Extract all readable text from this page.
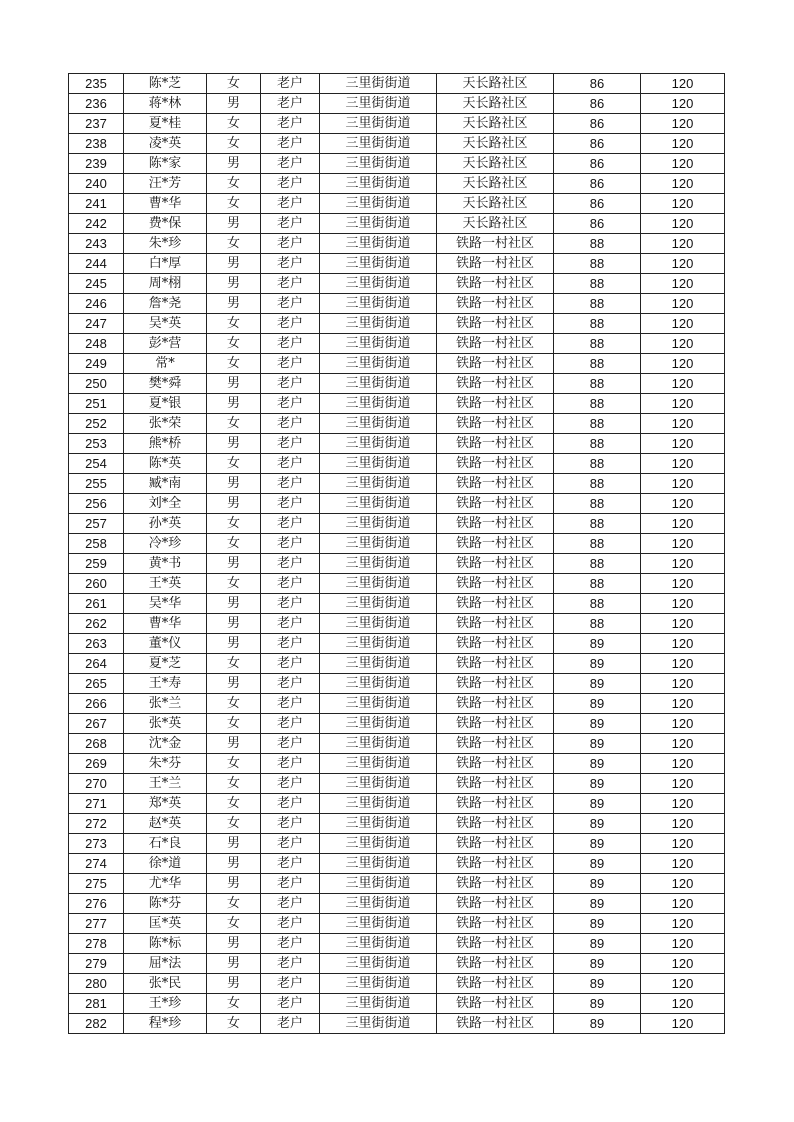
235	陈*芝	女	老户	三里街街道	天长路社区	86	120
236	蒋*林	男	老户	三里街街道	天长路社区	86	120
237	夏*桂	女	老户	三里街街道	天长路社区	86	120
238	凌*英	女	老户	三里街街道	天长路社区	86	120
239	陈*家	男	老户	三里街街道	天长路社区	86	120
240	汪*芳	女	老户	三里街街道	天长路社区	86	120
241	曹*华	女	老户	三里街街道	天长路社区	86	120
242	费*保	男	老户	三里街街道	天长路社区	86	120
243	朱*珍	女	老户	三里街街道	铁路一村社区	88	120
244	白*厚	男	老户	三里街街道	铁路一村社区	88	120
245	周*栩	男	老户	三里街街道	铁路一村社区	88	120
246	詹*尧	男	老户	三里街街道	铁路一村社区	88	120
247	吴*英	女	老户	三里街街道	铁路一村社区	88	120
248	彭*营	女	老户	三里街街道	铁路一村社区	88	120
249	常*	女	老户	三里街街道	铁路一村社区	88	120
250	樊*舜	男	老户	三里街街道	铁路一村社区	88	120
251	夏*银	男	老户	三里街街道	铁路一村社区	88	120
252	张*荣	女	老户	三里街街道	铁路一村社区	88	120
253	熊*桥	男	老户	三里街街道	铁路一村社区	88	120
254	陈*英	女	老户	三里街街道	铁路一村社区	88	120
255	臧*南	男	老户	三里街街道	铁路一村社区	88	120
256	刘*全	男	老户	三里街街道	铁路一村社区	88	120
257	孙*英	女	老户	三里街街道	铁路一村社区	88	120
258	冷*珍	女	老户	三里街街道	铁路一村社区	88	120
259	黄*书	男	老户	三里街街道	铁路一村社区	88	120
260	王*英	女	老户	三里街街道	铁路一村社区	88	120
261	吴*华	男	老户	三里街街道	铁路一村社区	88	120
262	曹*华	男	老户	三里街街道	铁路一村社区	88	120
263	董*仪	男	老户	三里街街道	铁路一村社区	89	120
264	夏*芝	女	老户	三里街街道	铁路一村社区	89	120
265	王*寿	男	老户	三里街街道	铁路一村社区	89	120
266	张*兰	女	老户	三里街街道	铁路一村社区	89	120
267	张*英	女	老户	三里街街道	铁路一村社区	89	120
268	沈*金	男	老户	三里街街道	铁路一村社区	89	120
269	朱*芬	女	老户	三里街街道	铁路一村社区	89	120
270	王*兰	女	老户	三里街街道	铁路一村社区	89	120
271	郑*英	女	老户	三里街街道	铁路一村社区	89	120
272	赵*英	女	老户	三里街街道	铁路一村社区	89	120
273	石*良	男	老户	三里街街道	铁路一村社区	89	120
274	徐*道	男	老户	三里街街道	铁路一村社区	89	120
275	尤*华	男	老户	三里街街道	铁路一村社区	89	120
276	陈*芬	女	老户	三里街街道	铁路一村社区	89	120
277	匡*英	女	老户	三里街街道	铁路一村社区	89	120
278	陈*标	男	老户	三里街街道	铁路一村社区	89	120
279	屈*法	男	老户	三里街街道	铁路一村社区	89	120
280	张*民	男	老户	三里街街道	铁路一村社区	89	120
281	王*珍	女	老户	三里街街道	铁路一村社区	89	120
282	程*珍	女	老户	三里街街道	铁路一村社区	89	120
